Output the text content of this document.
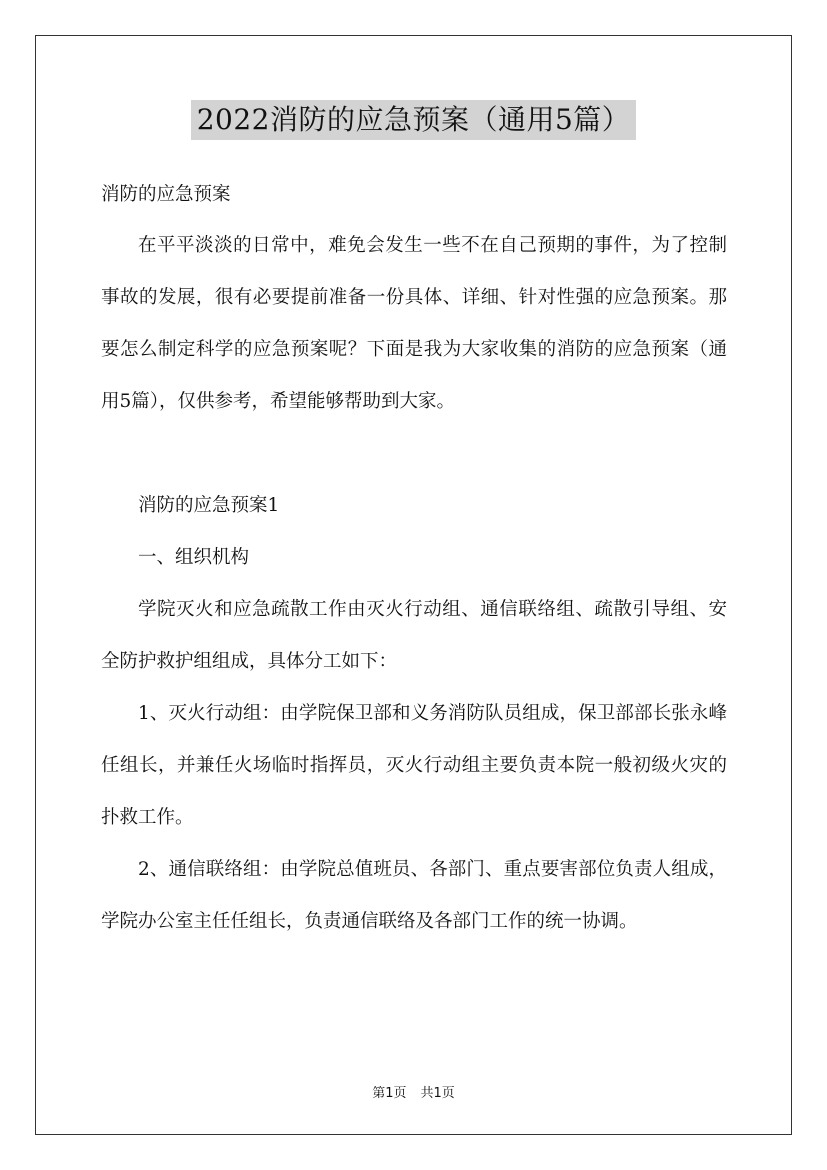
2022消防的应急预案（通用5篇）

消防的应急预案

在平平淡淡的日常中，难免会发生一些不在自己预期的事件，为了控制事故的发展，很有必要提前准备一份具体、详细、针对性强的应急预案。那要怎么制定科学的应急预案呢？下面是我为大家收集的消防的应急预案（通用5篇），仅供参考，希望能够帮助到大家。

消防的应急预案1

一、组织机构

学院灭火和应急疏散工作由灭火行动组、通信联络组、疏散引导组、安全防护救护组组成，具体分工如下：

1、灭火行动组：由学院保卫部和义务消防队员组成，保卫部部长张永峰任组长，并兼任火场临时指挥员，灭火行动组主要负责本院一般初级火灾的扑救工作。

2、通信联络组：由学院总值班员、各部门、重点要害部位负责人组成，学院办公室主任任组长，负责通信联络及各部门工作的统一协调。

第1页 共1页
